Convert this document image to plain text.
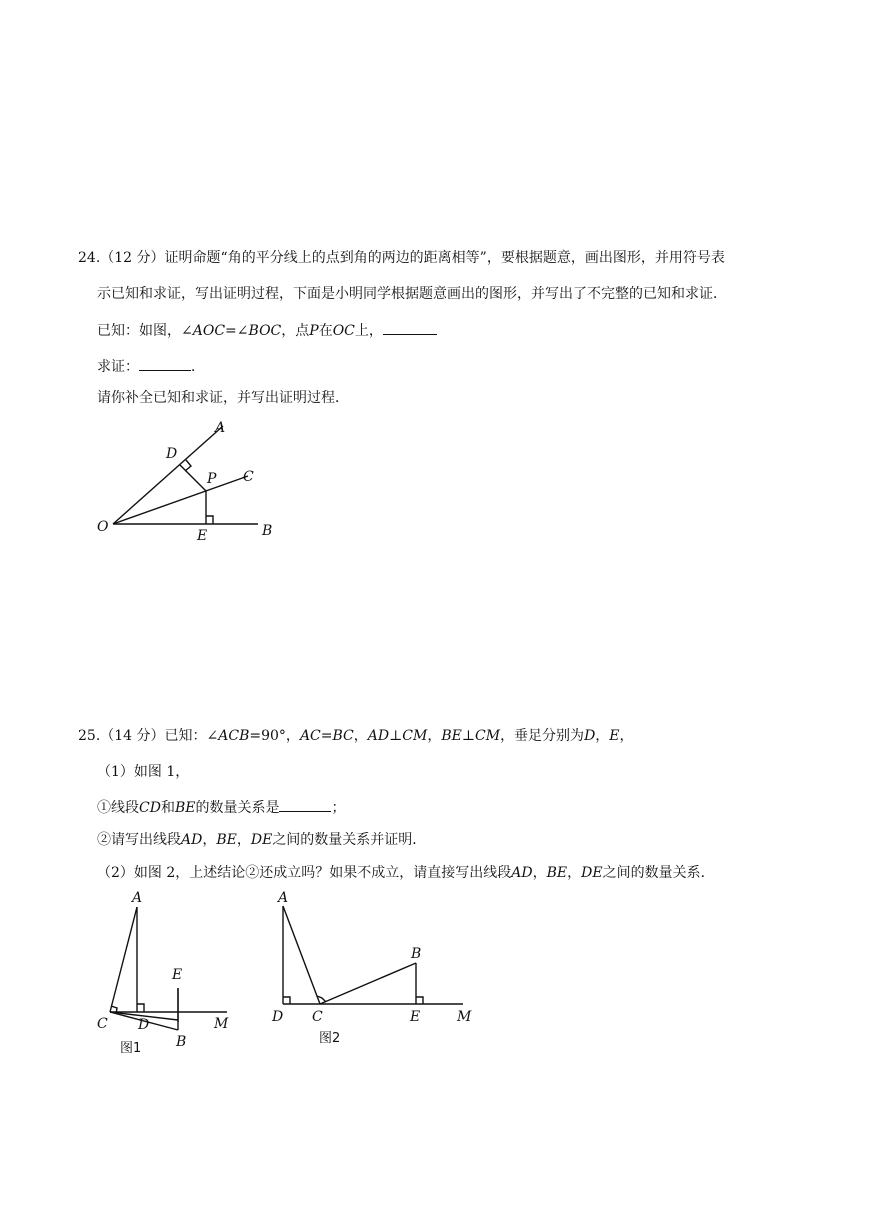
24.（12 分）证明命题“角的平分线上的点到角的两边的距离相等”，要根据题意，画出图形，并用符号表
示已知和求证，写出证明过程，下面是小明同学根据题意画出的图形，并写出了不完整的已知和求证．
已知：如图，∠AOC=∠BOC，点P在OC上，
求证：	．
请你补全已知和求证，并写出证明过程．
A
D
P C
O
E	B
25.（14 分）已知：∠ACB=90°，AC=BC，AD⊥CM，BE⊥CM，垂足分别为D，E，
（1）如图 1，
①线段CD和BE的数量关系是	；
②请写出线段AD，BE，DE之间的数量关系并证明．
（2）如图 2，上述结论②还成立吗？如果不成立，请直接写出线段AD，BE，DE之间的数量关系．
A
C D
E
M
B
图1
A
B
D C	E	M
图2
